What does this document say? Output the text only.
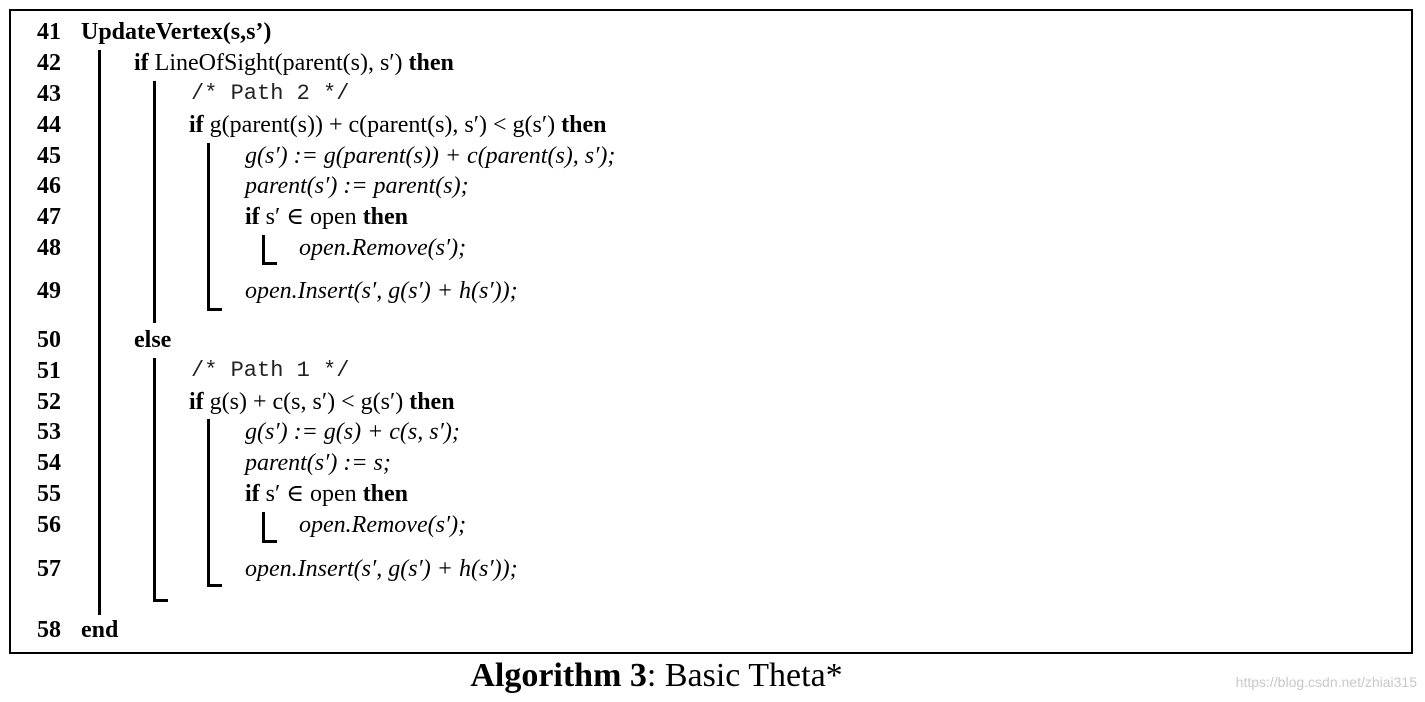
41
42
43
44
45
46
47
48
49
50
51
52
53
54
55
56
57
58
UpdateVertex(s,s’)
if LineOfSight(parent(s), s′) then
/* Path 2 */
if g(parent(s)) + c(parent(s), s′) < g(s′) then
g(s′) := g(parent(s)) + c(parent(s), s′);
parent(s′) := parent(s);
if s′ ∈ open then
open.Remove(s′);
open.Insert(s′, g(s′) + h(s′));
else
/* Path 1 */
if g(s) + c(s, s′) < g(s′) then
g(s′) := g(s) + c(s, s′);
parent(s′) := s;
if s′ ∈ open then
open.Remove(s′);
open.Insert(s′, g(s′) + h(s′));
end
Algorithm 3: Basic Theta*	https://blog.csdn.net/zhiai315
